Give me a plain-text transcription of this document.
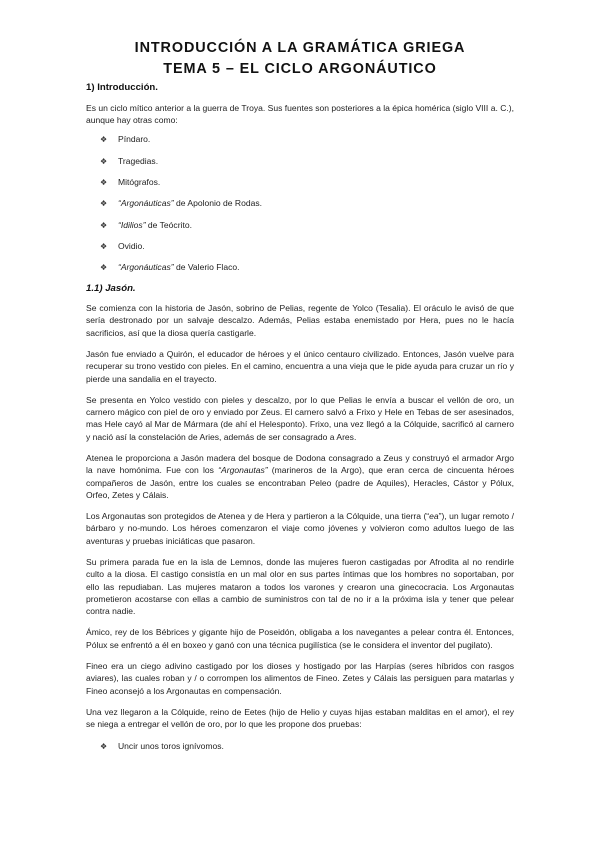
INTRODUCCIÓN A LA GRAMÁTICA GRIEGA
TEMA 5 – EL CICLO ARGONÁUTICO
1) Introducción.

Es un ciclo mítico anterior a la guerra de Troya. Sus fuentes son posteriores a la épica homérica (siglo VIII a. C.), aunque hay otras como:

❖	Píndaro.
❖	Tragedias.
❖	Mitógrafos.
❖	“Argonáuticas” de Apolonio de Rodas.
❖	“Idilios” de Teócrito.
❖	Ovidio.
❖	“Argonáuticas” de Valerio Flaco.
1.1) Jasón.

Se comienza con la historia de Jasón, sobrino de Pelias, regente de Yolco (Tesalia). El oráculo le avisó de que sería destronado por un salvaje descalzo. Además, Pelias estaba enemistado por Hera, pues no le hacía sacrificios, así que la diosa quería castigarle.

Jasón fue enviado a Quirón, el educador de héroes y el único centauro civilizado. Entonces, Jasón vuelve para recuperar su trono vestido con pieles. En el camino, encuentra a una vieja que le pide ayuda para cruzar un río y pierde una sandalia en el trayecto.

Se presenta en Yolco vestido con pieles y descalzo, por lo que Pelias le envía a buscar el vellón de oro, un carnero mágico con piel de oro y enviado por Zeus. El carnero salvó a Frixo y Hele en Tebas de ser asesinados, mas Hele cayó al Mar de Mármara (de ahí el Helesponto). Frixo, una vez llegó a la Cólquide, sacrificó al carnero y nació así la constelación de Aries, además de ser consagrado a Ares.

Atenea le proporciona a Jasón madera del bosque de Dodona consagrado a Zeus y construyó el armador Argo la nave homónima. Fue con los “Argonautas” (marineros de la Argo), que eran cerca de cincuenta héroes compañeros de Jasón, entre los cuales se encontraban Peleo (padre de Aquiles), Heracles, Cástor y Pólux, Orfeo, Zetes y Cálais.

Los Argonautas son protegidos de Atenea y de Hera y partieron a la Cólquide, una tierra (“ea”), un lugar remoto / bárbaro y no-mundo. Los héroes comenzaron el viaje como jóvenes y volvieron como adultos luego de las aventuras y pruebas iniciáticas que pasaron.

Su primera parada fue en la isla de Lemnos, donde las mujeres fueron castigadas por Afrodita al no rendirle culto a la diosa. El castigo consistía en un mal olor en sus partes íntimas que los hombres no soportaban, por ello las repudiaban. Las mujeres mataron a todos los varones y crearon una ginecocracia. Los Argonautas prometieron acostarse con ellas a cambio de suministros con tal de no ir a la próxima isla y tener que pelear contra nadie.

Ámico, rey de los Bébrices y gigante hijo de Poseidón, obligaba a los navegantes a pelear contra él. Entonces, Pólux se enfrentó a él en boxeo y ganó con una técnica pugilística (se le considera el inventor del pugilato).

Fineo era un ciego adivino castigado por los dioses y hostigado por las Harpías (seres híbridos con rasgos aviares), las cuales roban y / o corrompen los alimentos de Fineo. Zetes y Cálais las persiguen para matarlas y Fineo aconsejó a los Argonautas en compensación.

Una vez llegaron a la Cólquide, reino de Eetes (hijo de Helio y cuyas hijas estaban malditas en el amor), el rey se niega a entregar el vellón de oro, por lo que les propone dos pruebas:

❖	Uncir unos toros ignívomos.
